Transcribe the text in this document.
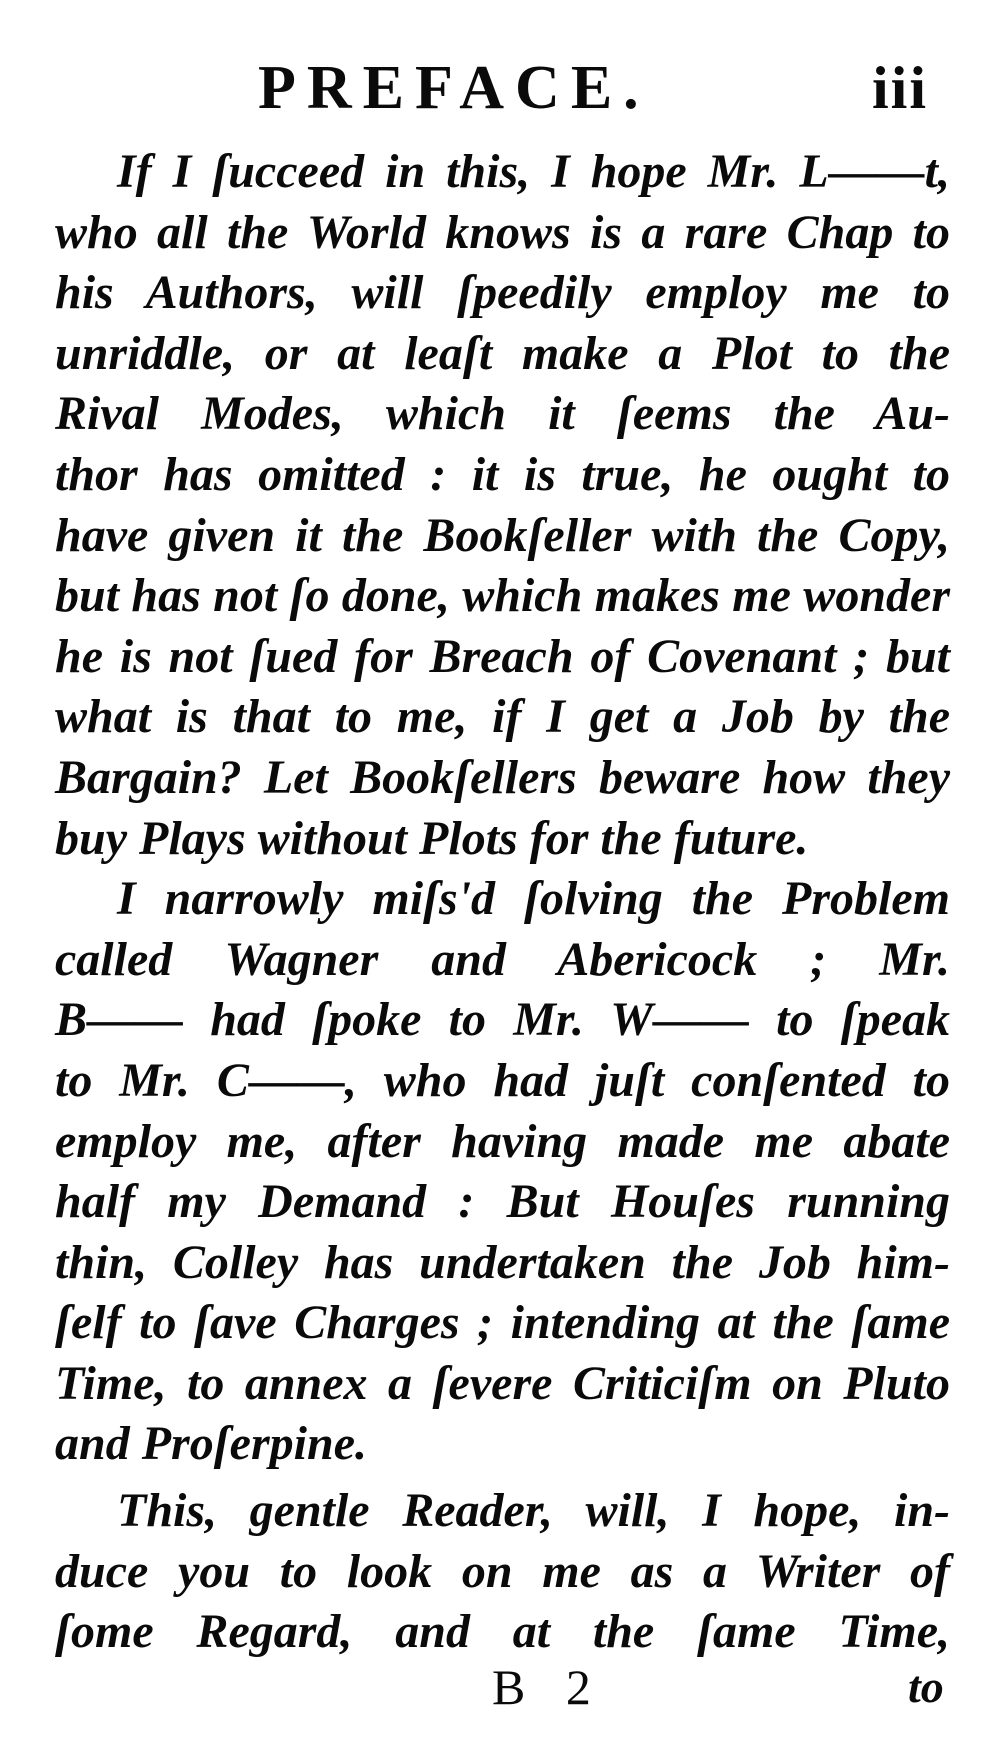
PREFACE.	iii
If I ſucceed in this, I hope Mr. L——t,
who all the World knows is a rare Chap to
his Authors, will ſpeedily employ me to
unriddle, or at leaſt make a Plot to the
Rival Modes, which it ſeems the Au-
thor has omitted : it is true, he ought to
have given it the Bookſeller with the Copy,
but has not ſo done, which makes me wonder
he is not ſued for Breach of Covenant ; but
what is that to me, if I get a Job by the
Bargain? Let Bookſellers beware how they
buy Plays without Plots for the future.
I narrowly miſs'd ſolving the Problem
called Wagner and Abericock ; Mr.
B—— had ſpoke to Mr. W—— to ſpeak
to Mr. C——, who had juſt conſented to
employ me, after having made me abate
half my Demand : But Houſes running
thin, Colley has undertaken the Job him-
ſelf to ſave Charges ; intending at the ſame
Time, to annex a ſevere Criticiſm on Pluto
and Proſerpine.
This, gentle Reader, will, I hope, in-
duce you to look on me as a Writer of
ſome Regard, and at the ſame Time,
B 2	to
